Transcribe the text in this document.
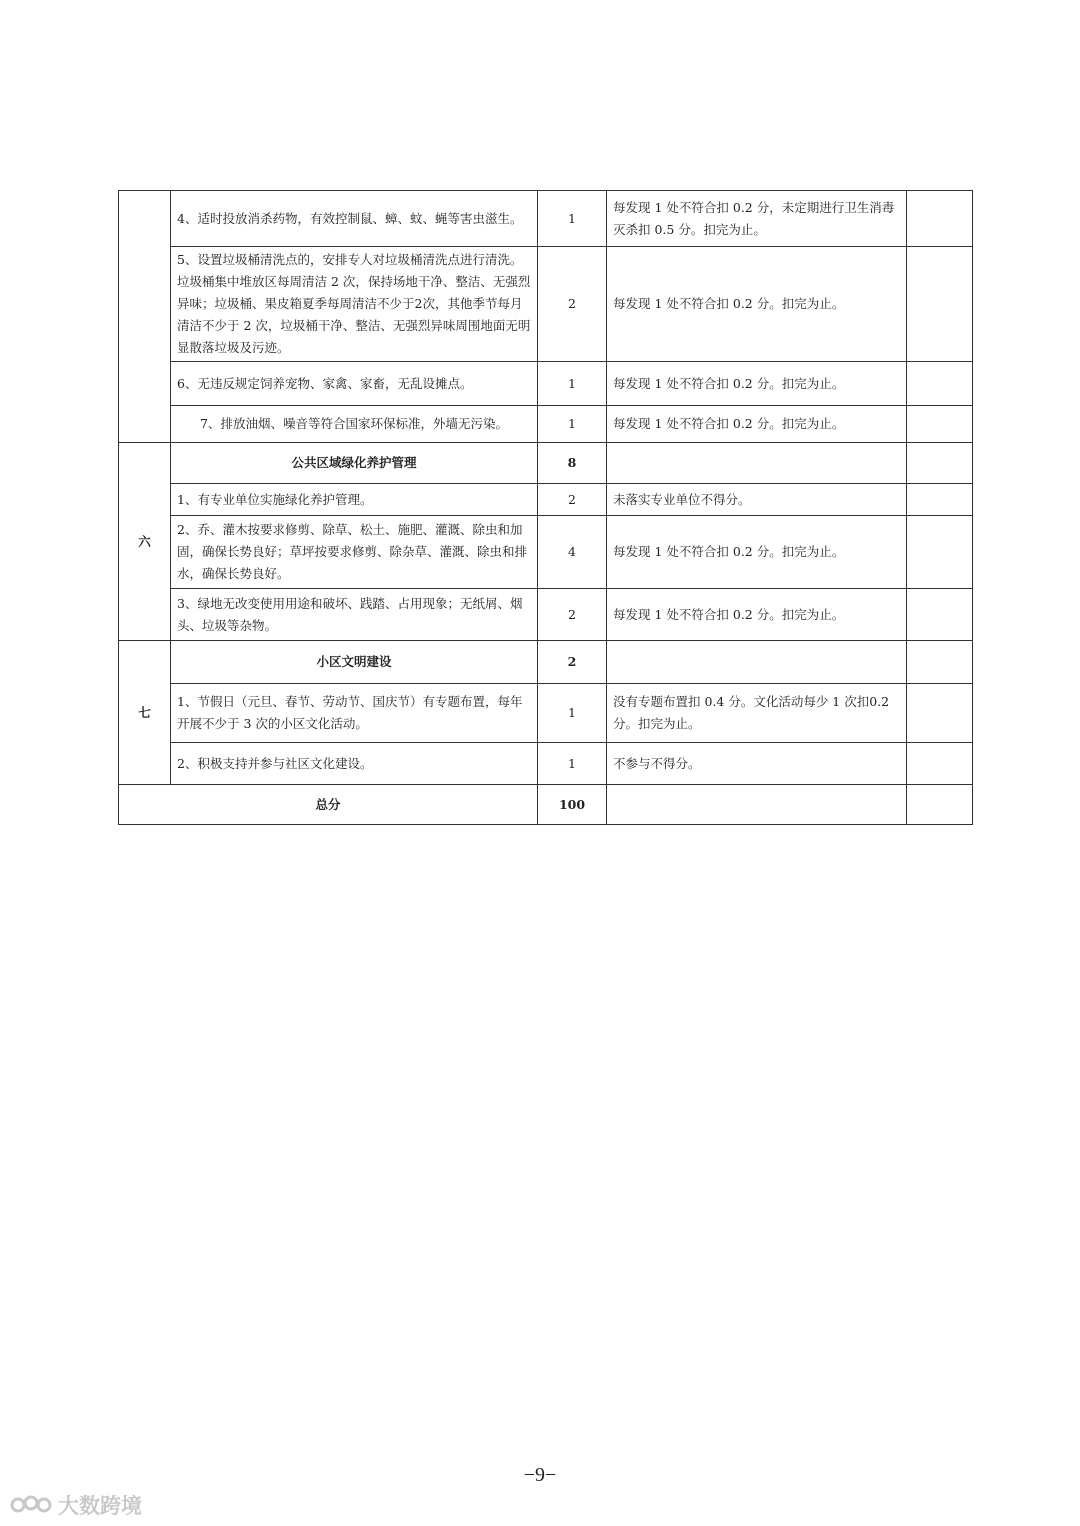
	4、适时投放消杀药物，有效控制鼠、蟑、蚊、蝇等害虫滋生。	1	每发现 1 处不符合扣 0.2 分，未定期进行卫生消毒灭杀扣 0.5 分。扣完为止。	
	5、设置垃圾桶清洗点的，安排专人对垃圾桶清洗点进行清洗。垃圾桶集中堆放区每周清洁 2 次，保持场地干净、整洁、无强烈异味；垃圾桶、果皮箱夏季每周清洁不少于2次，其他季节每月清洁不少于 2 次，垃圾桶干净、整洁、无强烈异味周围地面无明显散落垃圾及污迹。	2	每发现 1 处不符合扣 0.2 分。扣完为止。	
	6、无违反规定饲养宠物、家禽、家畜，无乱设摊点。	1	每发现 1 处不符合扣 0.2 分。扣完为止。	
	7、排放油烟、噪音等符合国家环保标准，外墙无污染。	1	每发现 1 处不符合扣 0.2 分。扣完为止。	
六	公共区域绿化养护管理	8		
	1、有专业单位实施绿化养护管理。	2	未落实专业单位不得分。	
	2、乔、灌木按要求修剪、除草、松土、施肥、灌溉、除虫和加固，确保长势良好；草坪按要求修剪、除杂草、灌溉、除虫和排水，确保长势良好。	4	每发现 1 处不符合扣 0.2 分。扣完为止。	
	3、绿地无改变使用用途和破坏、践踏、占用现象；无纸屑、烟头、垃圾等杂物。	2	每发现 1 处不符合扣 0.2 分。扣完为止。	
七	小区文明建设	2		
	1、节假日（元旦、春节、劳动节、国庆节）有专题布置，每年开展不少于 3 次的小区文化活动。	1	没有专题布置扣 0.4 分。文化活动每少 1 次扣0.2 分。扣完为止。	
	2、积极支持并参与社区文化建设。	1	不参与不得分。	
总分		100		
−9−
大数跨境
